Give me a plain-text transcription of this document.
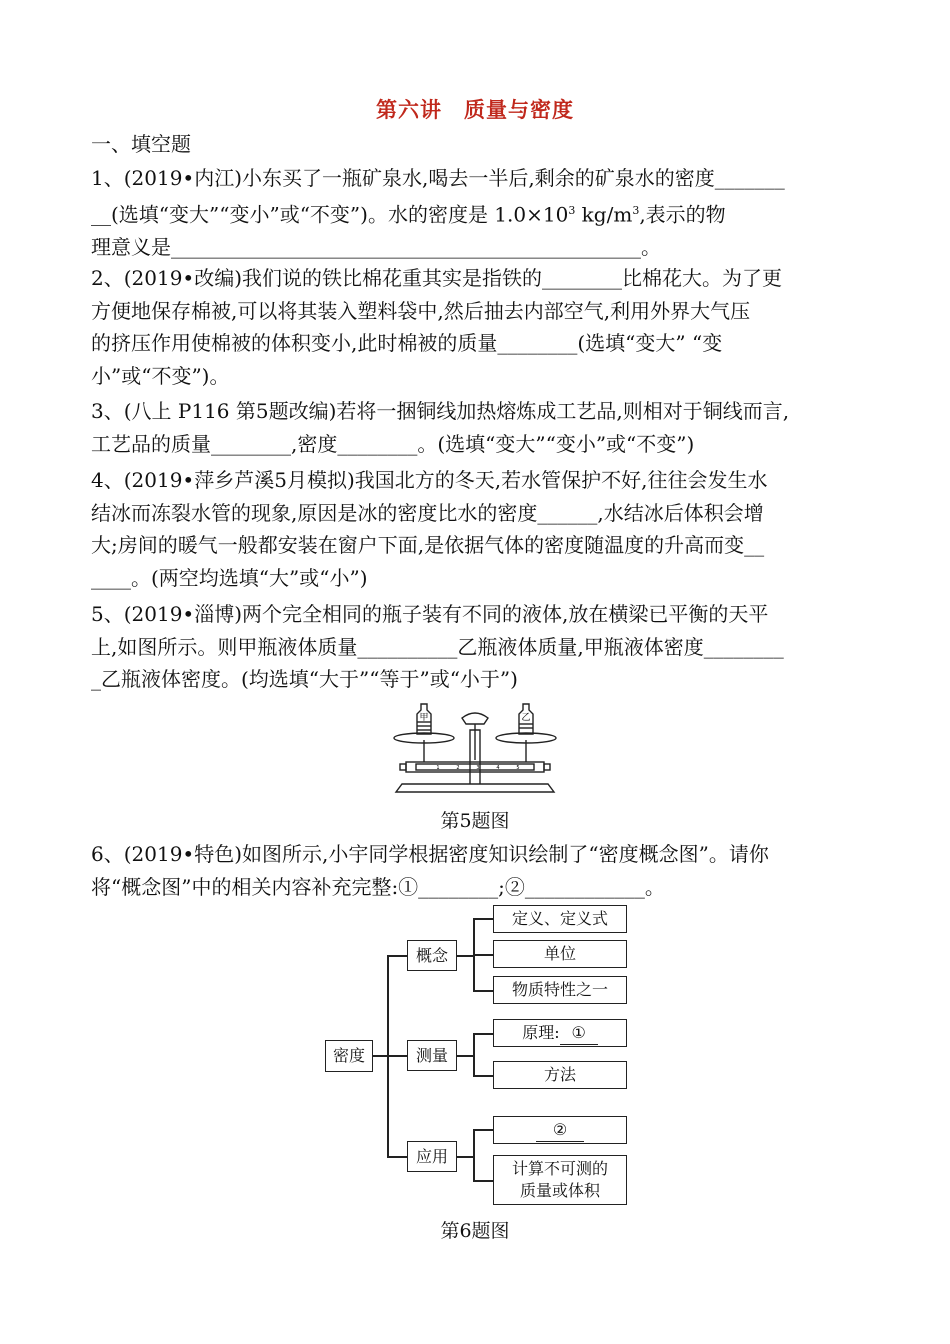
第六讲　质量与密度
一、填空题
1、(2019•内江)小东买了一瓶矿泉水,喝去一半后,剩余的矿泉水的密度_______
__(选填“变大”“变小”或“不变”)。水的密度是 $1.0\times 10^3$ $kg/m^3$,表示的物
理意义是_______________________________________________。
2、(2019•改编)我们说的铁比棉花重其实是指铁的________比棉花大。为了更
方便地保存棉被,可以将其装入塑料袋中,然后抽去内部空气,利用外界大气压
的挤压作用使棉被的体积变小,此时棉被的质量________(选填“变大” “变
小”或“不变”)。
3、(八上 P116 第5题改编)若将一捆铜线加热熔炼成工艺品,则相对于铜线而言,
工艺品的质量________,密度________。(选填“变大”“变小”或“不变”)
4、(2019•萍乡芦溪5月模拟)我国北方的冬天,若水管保护不好,往往会发生水
结冰而冻裂水管的现象,原因是冰的密度比水的密度______,水结冰后体积会增
大;房间的暖气一般都安装在窗户下面,是依据气体的密度随温度的升高而变__
____。(两空均选填“大”或“小”)
5、(2019•淄博)两个完全相同的瓶子装有不同的液体,放在横梁已平衡的天平
上,如图所示。则甲瓶液体质量__________乙瓶液体质量,甲瓶液体密度________
_乙瓶液体密度。(均选填“大于”“等于”或“小于”)
甲	乙
1	2	3	4	5
第5题图
6、(2019•特色)如图所示,小宇同学根据密度知识绘制了“密度概念图”。请你
将“概念图”中的相关内容补充完整:①________;②____________。
密度
概念
测量
应用
定义、定义式
单位
物质特性之一
原理: ①
方法
②
计算不可测的
质量或体积
第6题图
